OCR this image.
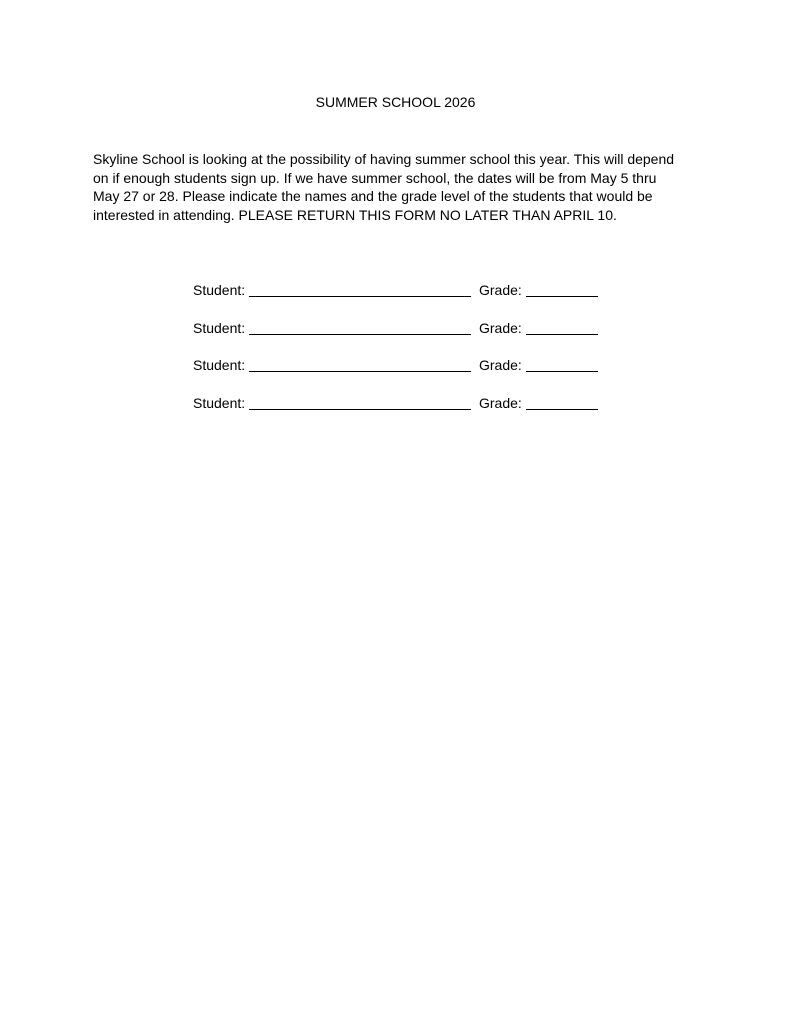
SUMMER SCHOOL 2026
Skyline School is looking at the possibility of having summer school this year. This will depend
on if enough students sign up. If we have summer school, the dates will be from May 5 thru
May 27 or 28. Please indicate the names and the grade level of the students that would be
interested in attending. PLEASE RETURN THIS FORM NO LATER THAN APRIL 10.
Student:	Grade:
Student:	Grade:
Student:	Grade:
Student:	Grade:
